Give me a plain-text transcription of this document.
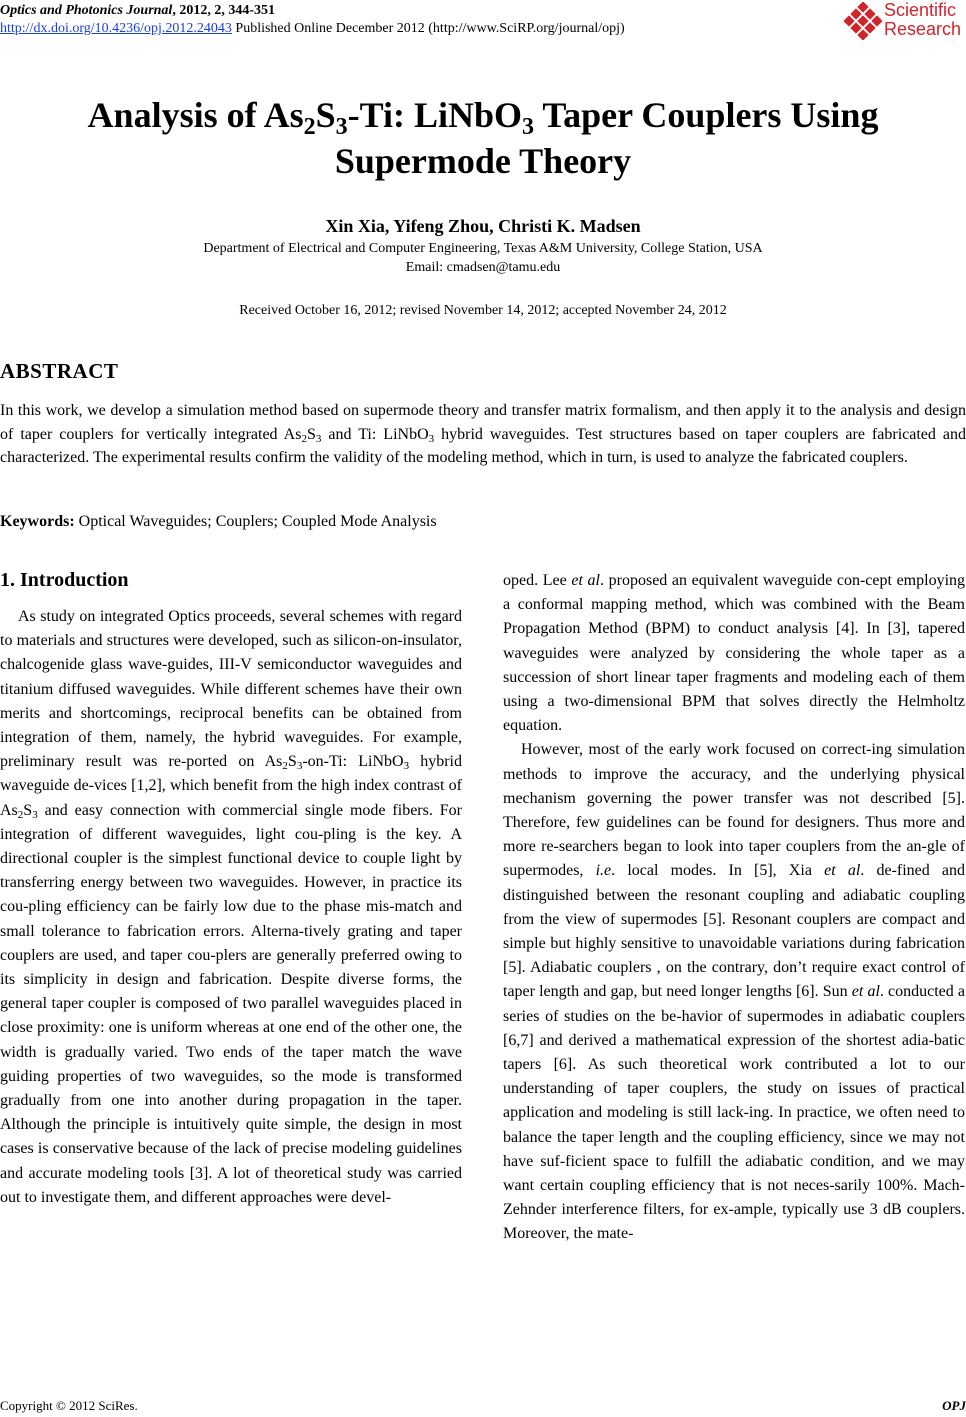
Optics and Photonics Journal, 2012, 2, 344-351
http://dx.doi.org/10.4236/opj.2012.24043 Published Online December 2012 (http://www.SciRP.org/journal/opj)
Scientific
Research
Analysis of $As_2S_3-Ti$: LiNbO$_3$ Taper Couplers Using
Supermode Theory
Xin Xia, Yifeng Zhou, Christi K. Madsen
Department of Electrical and Computer Engineering, Texas A&M University, College Station, USA
Email: cmadsen@tamu.edu
Received October 16, 2012; revised November 14, 2012; accepted November 24, 2012
ABSTRACT
In this work, we develop a simulation method based on supermode theory and transfer matrix formalism, and then apply it to the analysis and design of taper couplers for vertically integrated $As_2S_3$ and Ti: LiNbO$_3$ hybrid waveguides. Test structures based on taper couplers are fabricated and characterized. The experimental results confirm the validity of the modeling method, which in turn, is used to analyze the fabricated couplers.
Keywords: Optical Waveguides; Couplers; Coupled Mode Analysis
1. Introduction

As study on integrated Optics proceeds, several schemes with regard to materials and structures were developed, such as silicon-on-insulator, chalcogenide glass wave-guides, III-V semiconductor waveguides and titanium diffused waveguides. While different schemes have their own merits and shortcomings, reciprocal benefits can be obtained from integration of them, namely, the hybrid waveguides. For example, preliminary result was re-ported on $As_2S_3-on-Ti$: LiNbO$_3$ hybrid waveguide de-vices [1,2], which benefit from the high index contrast of $As_2S_3$ and easy connection with commercial single mode fibers. For integration of different waveguides, light cou-pling is the key. A directional coupler is the simplest functional device to couple light by transferring energy between two waveguides. However, in practice its cou-pling efficiency can be fairly low due to the phase mis-match and small tolerance to fabrication errors. Alterna-tively grating and taper couplers are used, and taper cou-plers are generally preferred owing to its simplicity in design and fabrication. Despite diverse forms, the general taper coupler is composed of two parallel waveguides placed in close proximity: one is uniform whereas at one end of the other one, the width is gradually varied. Two ends of the taper match the wave guiding properties of two waveguides, so the mode is transformed gradually from one into another during propagation in the taper. Although the principle is intuitively quite simple, the design in most cases is conservative because of the lack of precise modeling guidelines and accurate modeling tools [3]. A lot of theoretical study was carried out to investigate them, and different approaches were devel-

oped. Lee et al. proposed an equivalent waveguide con-cept employing a conformal mapping method, which was combined with the Beam Propagation Method (BPM) to conduct analysis [4]. In [3], tapered waveguides were analyzed by considering the whole taper as a succession of short linear taper fragments and modeling each of them using a two-dimensional BPM that solves directly the Helmholtz equation.

However, most of the early work focused on correct-ing simulation methods to improve the accuracy, and the underlying physical mechanism governing the power transfer was not described [5]. Therefore, few guidelines can be found for designers. Thus more and more re-searchers began to look into taper couplers from the an-gle of supermodes, i.e. local modes. In [5], Xia et al. de-fined and distinguished between the resonant coupling and adiabatic coupling from the view of supermodes [5]. Resonant couplers are compact and simple but highly sensitive to unavoidable variations during fabrication [5]. Adiabatic couplers , on the contrary, don’t require exact control of taper length and gap, but need longer lengths [6]. Sun et al. conducted a series of studies on the be-havior of supermodes in adiabatic couplers [6,7] and derived a mathematical expression of the shortest adia-batic tapers [6]. As such theoretical work contributed a lot to our understanding of taper couplers, the study on issues of practical application and modeling is still lack-ing. In practice, we often need to balance the taper length and the coupling efficiency, since we may not have suf-ficient space to fulfill the adiabatic condition, and we may want certain coupling efficiency that is not neces-sarily 100%. Mach-Zehnder interference filters, for ex-ample, typically use 3 dB couplers. Moreover, the mate-

Copyright © 2012 SciRes.	OPJ
